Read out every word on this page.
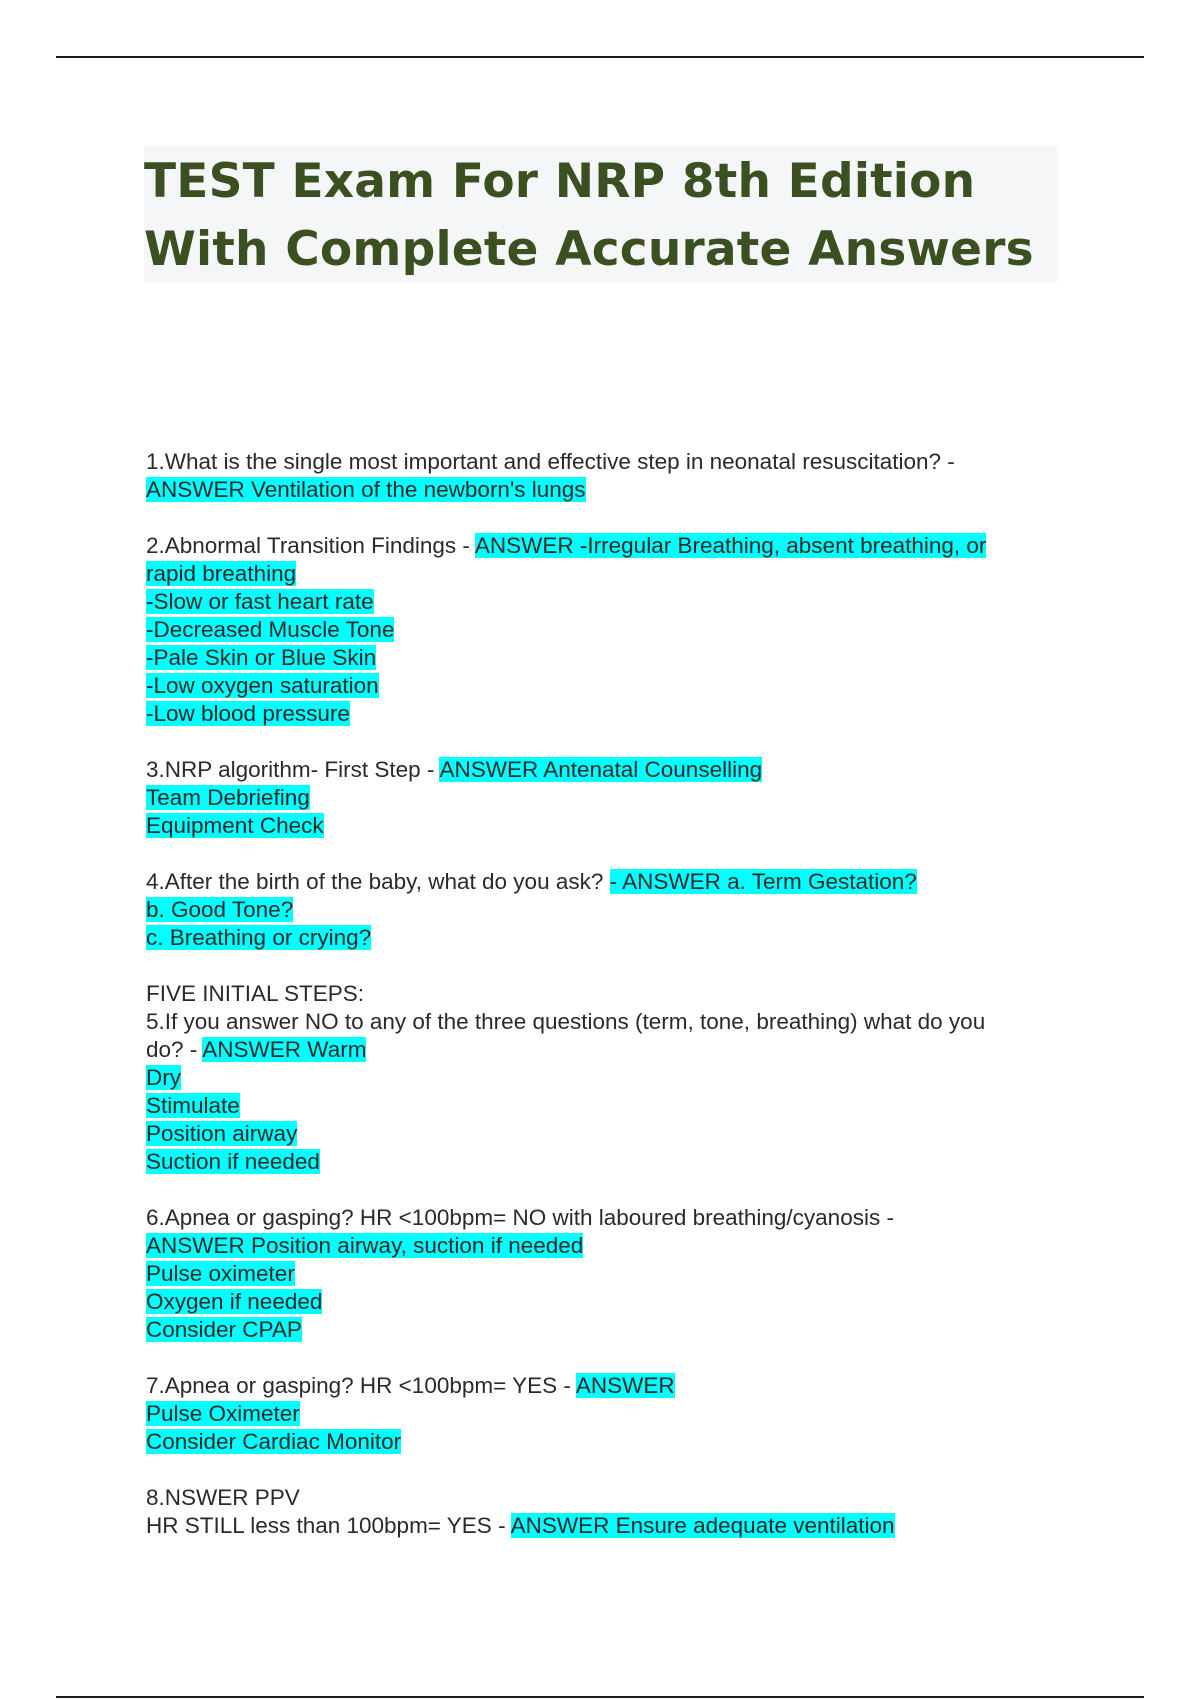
TEST Exam For NRP 8th Edition
With Complete Accurate Answers
1.What is the single most important and effective step in neonatal resuscitation? -
ANSWER Ventilation of the newborn's lungs
2.Abnormal Transition Findings - ANSWER -Irregular Breathing, absent breathing, or
rapid breathing
-Slow or fast heart rate
-Decreased Muscle Tone
-Pale Skin or Blue Skin
-Low oxygen saturation
-Low blood pressure
3.NRP algorithm- First Step - ANSWER Antenatal Counselling
Team Debriefing
Equipment Check
4.After the birth of the baby, what do you ask? - ANSWER a. Term Gestation?
b. Good Tone?
c. Breathing or crying?
FIVE INITIAL STEPS:
5.If you answer NO to any of the three questions (term, tone, breathing) what do you
do? - ANSWER Warm
Dry
Stimulate
Position airway
Suction if needed
6.Apnea or gasping? HR <100bpm= NO with laboured breathing/cyanosis -
ANSWER Position airway, suction if needed
Pulse oximeter
Oxygen if needed
Consider CPAP
7.Apnea or gasping? HR <100bpm= YES - ANSWER
Pulse Oximeter
Consider Cardiac Monitor
8.NSWER PPV
HR STILL less than 100bpm= YES - ANSWER Ensure adequate ventilation
